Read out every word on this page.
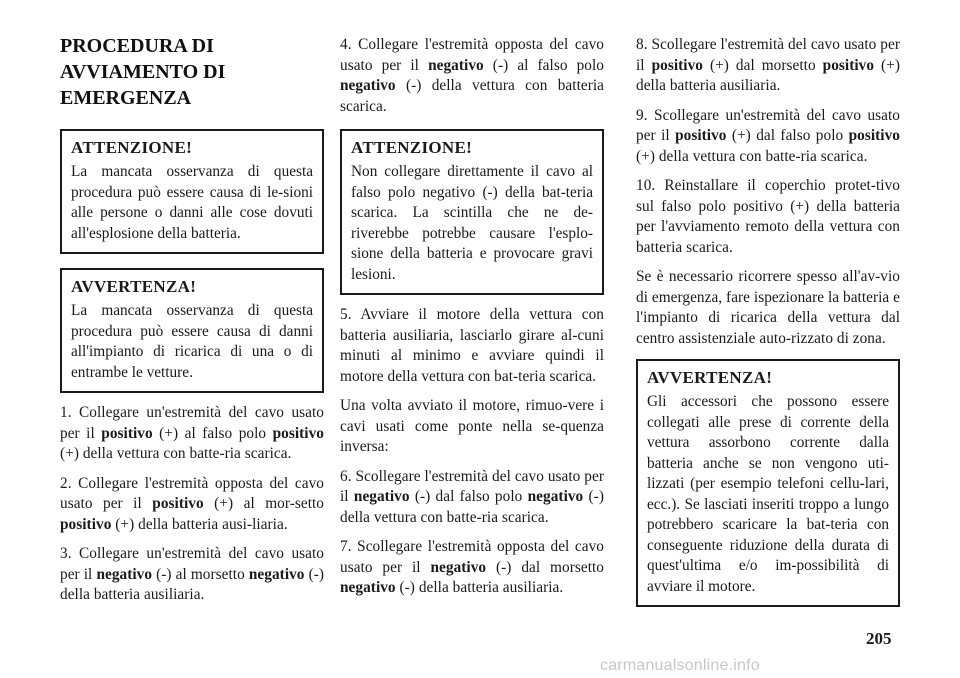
PROCEDURA DI
AVVIAMENTO DI
EMERGENZA
ATTENZIONE!

La mancata osservanza di questa procedura può essere causa di le-sioni alle persone o danni alle cose dovuti all'esplosione della batteria.

AVVERTENZA!

La mancata osservanza di questa procedura può essere causa di danni all'impianto di ricarica di una o di entrambe le vetture.

1. Collegare un'estremità del cavo usato per il positivo (+) al falso polo positivo (+) della vettura con batte-ria scarica.

2. Collegare l'estremità opposta del cavo usato per il positivo (+) al mor-setto positivo (+) della batteria ausi-liaria.

3. Collegare un'estremità del cavo usato per il negativo (-) al morsetto negativo (-) della batteria ausiliaria.

4. Collegare l'estremità opposta del cavo usato per il negativo (-) al falso polo negativo (-) della vettura con batteria scarica.

ATTENZIONE!

Non collegare direttamente il cavo al falso polo negativo (-) della bat-teria scarica. La scintilla che ne de-riverebbe potrebbe causare l'esplo-sione della batteria e provocare gravi lesioni.

5. Avviare il motore della vettura con batteria ausiliaria, lasciarlo girare al-cuni minuti al minimo e avviare quindi il motore della vettura con bat-teria scarica.

Una volta avviato il motore, rimuo-vere i cavi usati come ponte nella se-quenza inversa:

6. Scollegare l'estremità del cavo usato per il negativo (-) dal falso polo negativo (-) della vettura con batte-ria scarica.

7. Scollegare l'estremità opposta del cavo usato per il negativo (-) dal morsetto negativo (-) della batteria ausiliaria.

8. Scollegare l'estremità del cavo usato per il positivo (+) dal morsetto positivo (+) della batteria ausiliaria.

9. Scollegare un'estremità del cavo usato per il positivo (+) dal falso polo positivo (+) della vettura con batte-ria scarica.

10. Reinstallare il coperchio protet-tivo sul falso polo positivo (+) della batteria per l'avviamento remoto della vettura con batteria scarica.

Se è necessario ricorrere spesso all'av-vio di emergenza, fare ispezionare la batteria e l'impianto di ricarica della vettura dal centro assistenziale auto-rizzato di zona.

AVVERTENZA!

Gli accessori che possono essere collegati alle prese di corrente della vettura assorbono corrente dalla batteria anche se non vengono uti-lizzati (per esempio telefoni cellu-lari, ecc.). Se lasciati inseriti troppo a lungo potrebbero scaricare la bat-teria con conseguente riduzione della durata di quest'ultima e/o im-possibilità di avviare il motore.

205
carmanualsonline.info
